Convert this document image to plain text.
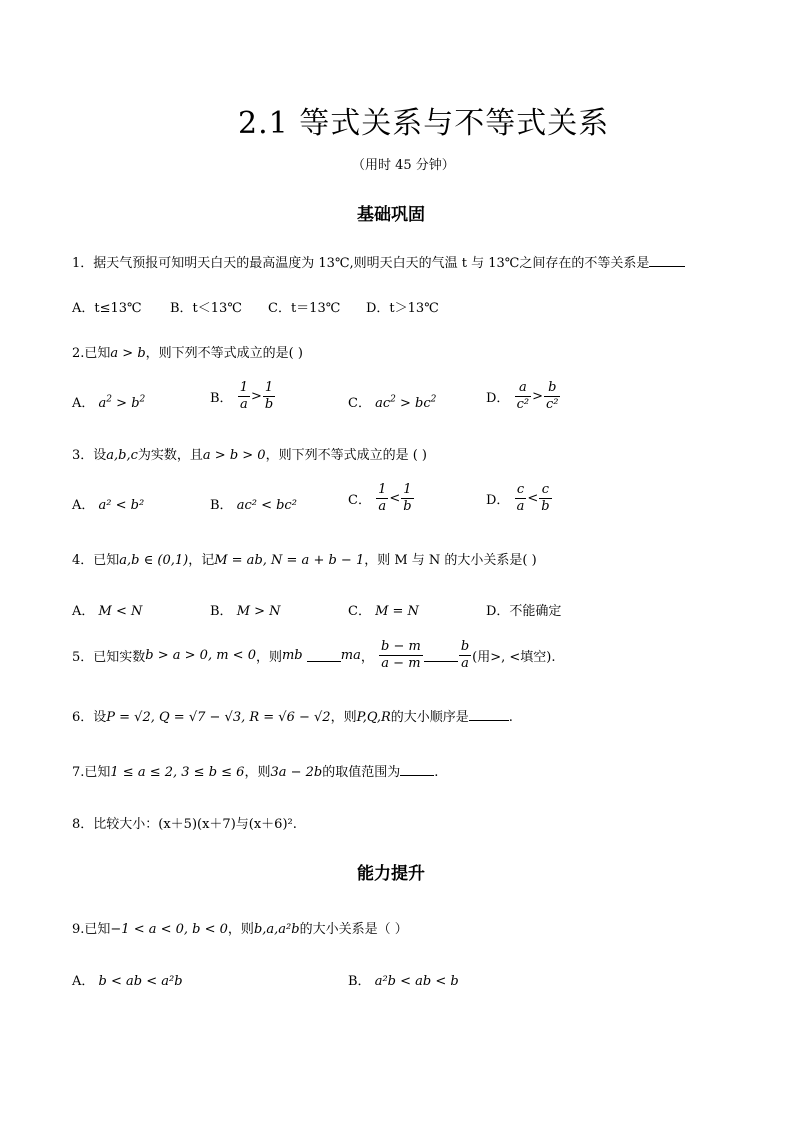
2.1 等式关系与不等式关系
（用时 45 分钟）
基础巩固
1．据天气预报可知明天白天的最高温度为 13℃,则明天白天的气温 t 与 13℃之间存在的不等关系是
A．t≤13℃ B．t＜13℃ C．t＝13℃ D．t＞13℃
2.已知a > b，则下列不等式成立的是( )
A． $a^2 > b^2$	B． $\frac{1}{a} > \frac{1}{b}$	C． $ac^2 > bc^2$	D． $\frac{a}{\text{c²}} > \frac{b}{\text{c²}}$
3．设a,b,c为实数，且a > b > 0，则下列不等式成立的是 ( )
A． a² < b²	B． ac² < bc²	C． $\frac{1}{a} < \frac{1}{b}$	D． $\frac{c}{a} < \frac{c}{b}$
4．已知a,b ∈ (0,1)，记M = ab, N = a + b − 1，则 M 与 N 的大小关系是( )
A． M < N	B． M > N	C． M = N	D．不能确定
5．已知实数b > a > 0, m < 0，则mb	ma， $\frac{b - m}{a - m}$	$\frac{b}{a}$ (用>, <填空).
6．设P = √2, Q = √7 − √3, R = √6 − √2，则P,Q,R的大小顺序是	.
7.已知1 ≤ a ≤ 2, 3 ≤ b ≤ 6，则3a − 2b的取值范围为	.
8．比较大小：(x＋5)(x＋7)与(x＋6)².
能力提升
9.已知−1 < a < 0, b < 0，则b,a,a²b的大小关系是（ ）
A． b < ab < a²b	B． a²b < ab < b
